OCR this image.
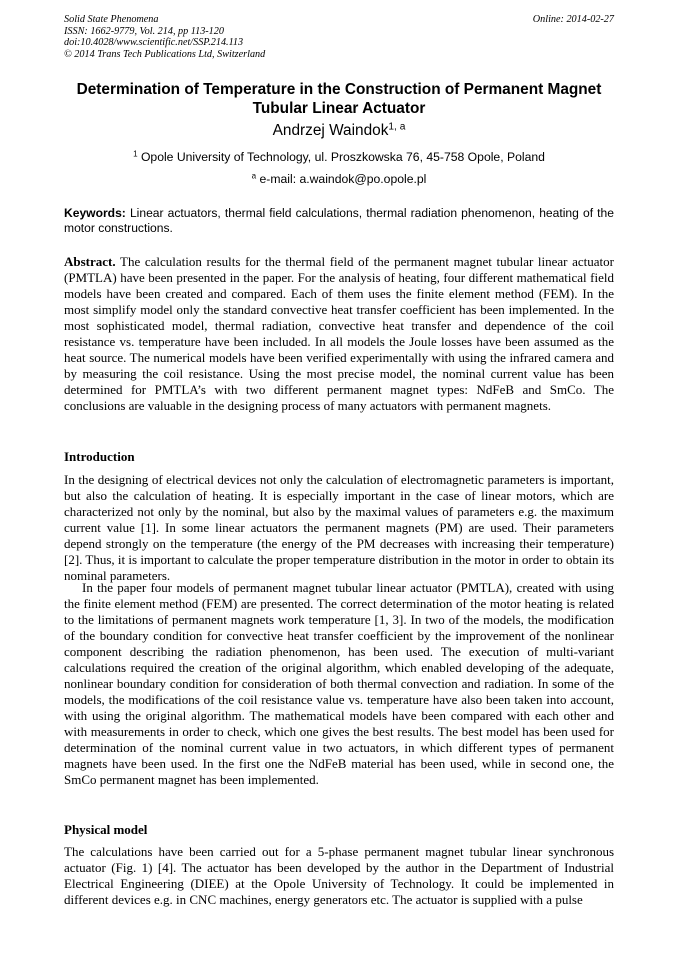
Solid State Phenomena
ISSN: 1662-9779, Vol. 214, pp 113-120
doi:10.4028/www.scientific.net/SSP.214.113
© 2014 Trans Tech Publications Ltd, Switzerland
Online: 2014-02-27
Determination of Temperature in the Construction of Permanent Magnet
Tubular Linear Actuator
Andrzej Waindok$^{1, a}$
$^1$ Opole University of Technology, ul. Proszkowska 76, 45-758 Opole, Poland
$^a$ e-mail: a.waindok@po.opole.pl
Keywords: Linear actuators, thermal field calculations, thermal radiation phenomenon, heating of the motor constructions.

Abstract. The calculation results for the thermal field of the permanent magnet tubular linear actuator (PMTLA) have been presented in the paper. For the analysis of heating, four different mathematical field models have been created and compared. Each of them uses the finite element method (FEM). In the most simplify model only the standard convective heat transfer coefficient has been implemented. In the most sophisticated model, thermal radiation, convective heat transfer and dependence of the coil resistance vs. temperature have been included. In all models the Joule losses have been assumed as the heat source. The numerical models have been verified experimentally with using the infrared camera and by measuring the coil resistance. Using the most precise model, the nominal current value has been determined for PMTLA’s with two different permanent magnet types: NdFeB and SmCo. The conclusions are valuable in the designing process of many actuators with permanent magnets.

Introduction

In the designing of electrical devices not only the calculation of electromagnetic parameters is important, but also the calculation of heating. It is especially important in the case of linear motors, which are characterized not only by the nominal, but also by the maximal values of parameters e.g. the maximum current value [1]. In some linear actuators the permanent magnets (PM) are used. Their parameters depend strongly on the temperature (the energy of the PM decreases with increasing their temperature) [2]. Thus, it is important to calculate the proper temperature distribution in the motor in order to obtain its nominal parameters.

In the paper four models of permanent magnet tubular linear actuator (PMTLA), created with using the finite element method (FEM) are presented. The correct determination of the motor heating is related to the limitations of permanent magnets work temperature [1, 3]. In two of the models, the modification of the boundary condition for convective heat transfer coefficient by the improvement of the nonlinear component describing the radiation phenomenon, has been used. The execution of multi-variant calculations required the creation of the original algorithm, which enabled developing of the adequate, nonlinear boundary condition for consideration of both thermal convection and radiation. In some of the models, the modifications of the coil resistance value vs. temperature have also been taken into account, with using the original algorithm. The mathematical models have been compared with each other and with measurements in order to check, which one gives the best results. The best model has been used for determination of the nominal current value in two actuators, in which different types of permanent magnets have been used. In the first one the NdFeB material has been used, while in second one, the SmCo permanent magnet has been implemented.

Physical model

The calculations have been carried out for a 5-phase permanent magnet tubular linear synchronous actuator (Fig. 1) [4]. The actuator has been developed by the author in the Department of Industrial Electrical Engineering (DIEE) at the Opole University of Technology. It could be implemented in different devices e.g. in CNC machines, energy generators etc. The actuator is supplied with a pulse
